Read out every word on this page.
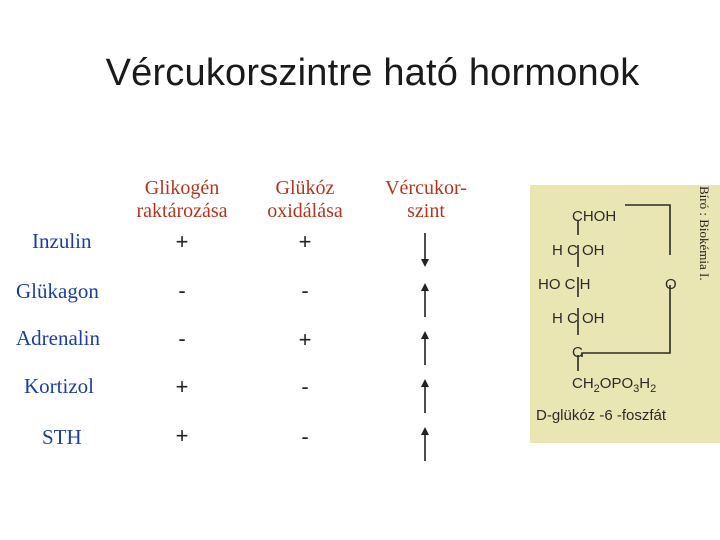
Vércukorszintre ható hormonok
Glikogén
raktározása
Glükóz
oxidálása
Vércukor-
szint
Inzulin
Glükagon
Adrenalin
Kortizol
STH
+
-
-
+
+
+
-
+
-
-
CHOH
H C OH
HO C H	O
H C OH
C
$CH_2OPO_3H_2$
D-glükóz -6 -foszfát
Bíró : Biokémia I.
